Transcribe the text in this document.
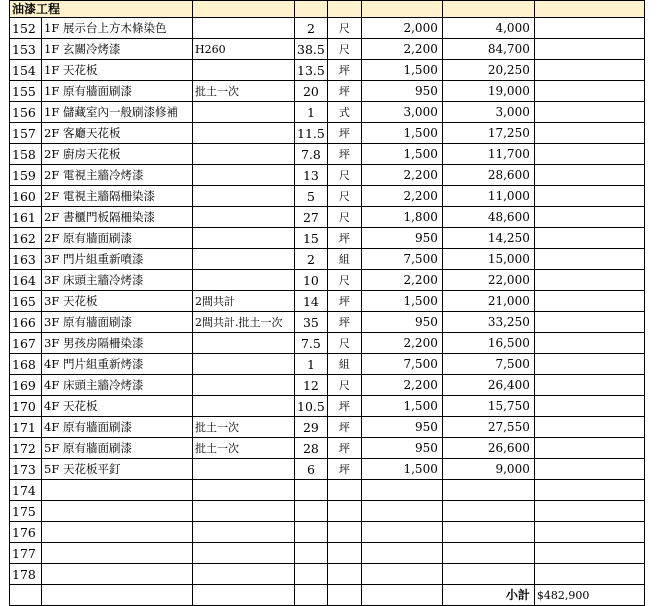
油漆工程							
152	1F 展示台上方木條染色		2	尺	2,000	4,000	
153	1F 玄關冷烤漆	H260	38.5	尺	2,200	84,700	
154	1F 天花板		13.5	坪	1,500	20,250	
155	1F 原有牆面刷漆	批土一次	20	坪	950	19,000	
156	1F 儲藏室內一般刷漆修補		1	式	3,000	3,000	
157	2F 客廳天花板		11.5	坪	1,500	17,250	
158	2F 廚房天花板		7.8	坪	1,500	11,700	
159	2F 電視主牆冷烤漆		13	尺	2,200	28,600	
160	2F 電視主牆隔柵染漆		5	尺	2,200	11,000	
161	2F 書櫃門板隔柵染漆		27	尺	1,800	48,600	
162	2F 原有牆面刷漆		15	坪	950	14,250	
163	3F 門片組重新噴漆		2	組	7,500	15,000	
164	3F 床頭主牆冷烤漆		10	尺	2,200	22,000	
165	3F 天花板	2間共計	14	坪	1,500	21,000	
166	3F 原有牆面刷漆	2間共計.批土一次	35	坪	950	33,250	
167	3F 男孩房隔柵染漆		7.5	尺	2,200	16,500	
168	4F 門片組重新烤漆		1	組	7,500	7,500	
169	4F 床頭主牆冷烤漆		12	尺	2,200	26,400	
170	4F 天花板		10.5	坪	1,500	15,750	
171	4F 原有牆面刷漆	批土一次	29	坪	950	27,550	
172	5F 原有牆面刷漆	批土一次	28	坪	950	26,600	
173	5F 天花板平釘		6	坪	1,500	9,000	
174							
175							
176							
177							
178							
						小計	$482,900
